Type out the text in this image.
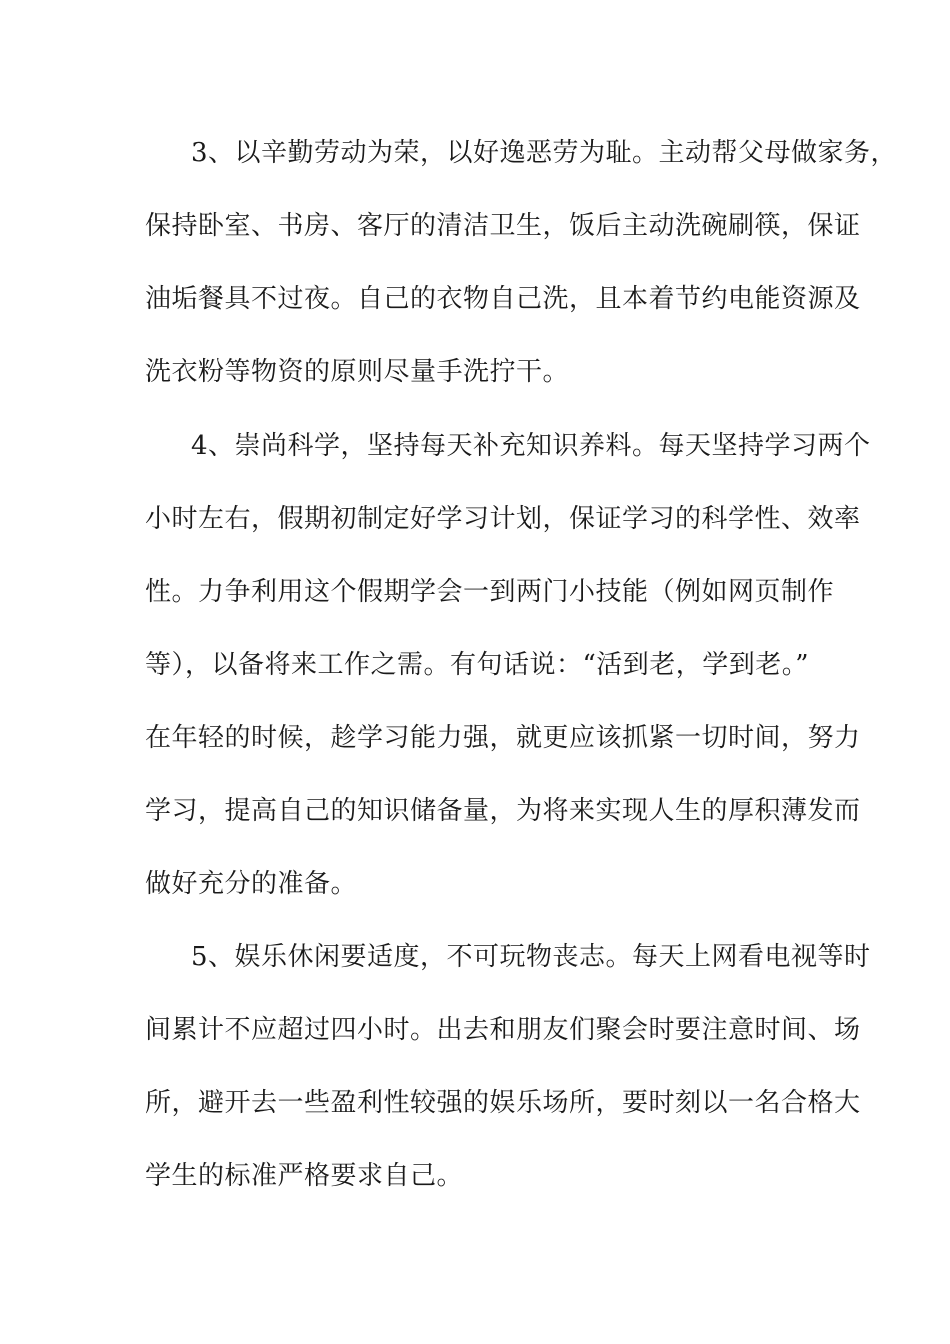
3、以辛勤劳动为荣，以好逸恶劳为耻。主动帮父母做家务，
保持卧室、书房、客厅的清洁卫生，饭后主动洗碗刷筷，保证
油垢餐具不过夜。自己的衣物自己洗，且本着节约电能资源及
洗衣粉等物资的原则尽量手洗拧干。
4、崇尚科学，坚持每天补充知识养料。每天坚持学习两个
小时左右，假期初制定好学习计划，保证学习的科学性、效率
性。力争利用这个假期学会一到两门小技能（例如网页制作
等），以备将来工作之需。有句话说：“活到老，学到老。”
在年轻的时候，趁学习能力强，就更应该抓紧一切时间，努力
学习，提高自己的知识储备量，为将来实现人生的厚积薄发而
做好充分的准备。
5、娱乐休闲要适度，不可玩物丧志。每天上网看电视等时
间累计不应超过四小时。出去和朋友们聚会时要注意时间、场
所，避开去一些盈利性较强的娱乐场所，要时刻以一名合格大
学生的标准严格要求自己。
